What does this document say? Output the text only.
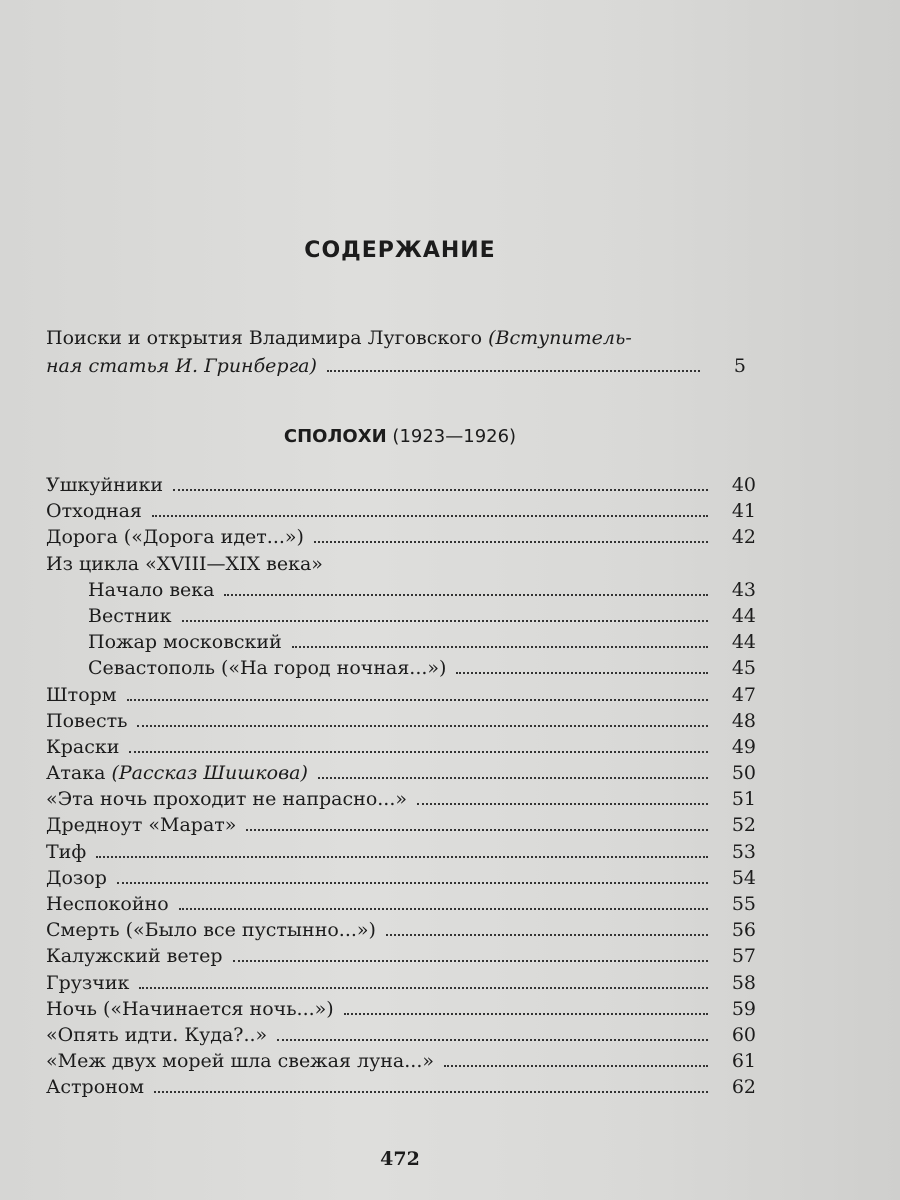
СОДЕРЖАНИЕ
Поиски и открытия Владимира Луговского (Вступитель-
ная статья И. Гринберга)	5
СПОЛОХИ (1923—1926)
Ушкуйники	40
Отходная	41
Дорога («Дорога идет...»)	42
Из цикла «XVIII—XIX века»
Начало века	43
Вестник	44
Пожар московский	44
Севастополь («На город ночная...»)	45
Шторм	47
Повесть	48
Краски	49
Атака (Рассказ Шишкова)	50
«Эта ночь проходит не напрасно...»	51
Дредноут «Марат»	52
Тиф	53
Дозор	54
Неспокойно	55
Смерть («Было все пустынно...»)	56
Калужский ветер	57
Грузчик	58
Ночь («Начинается ночь...»)	59
«Опять идти. Куда?..»	60
«Меж двух морей шла свежая луна...»	61
Астроном	62
472
